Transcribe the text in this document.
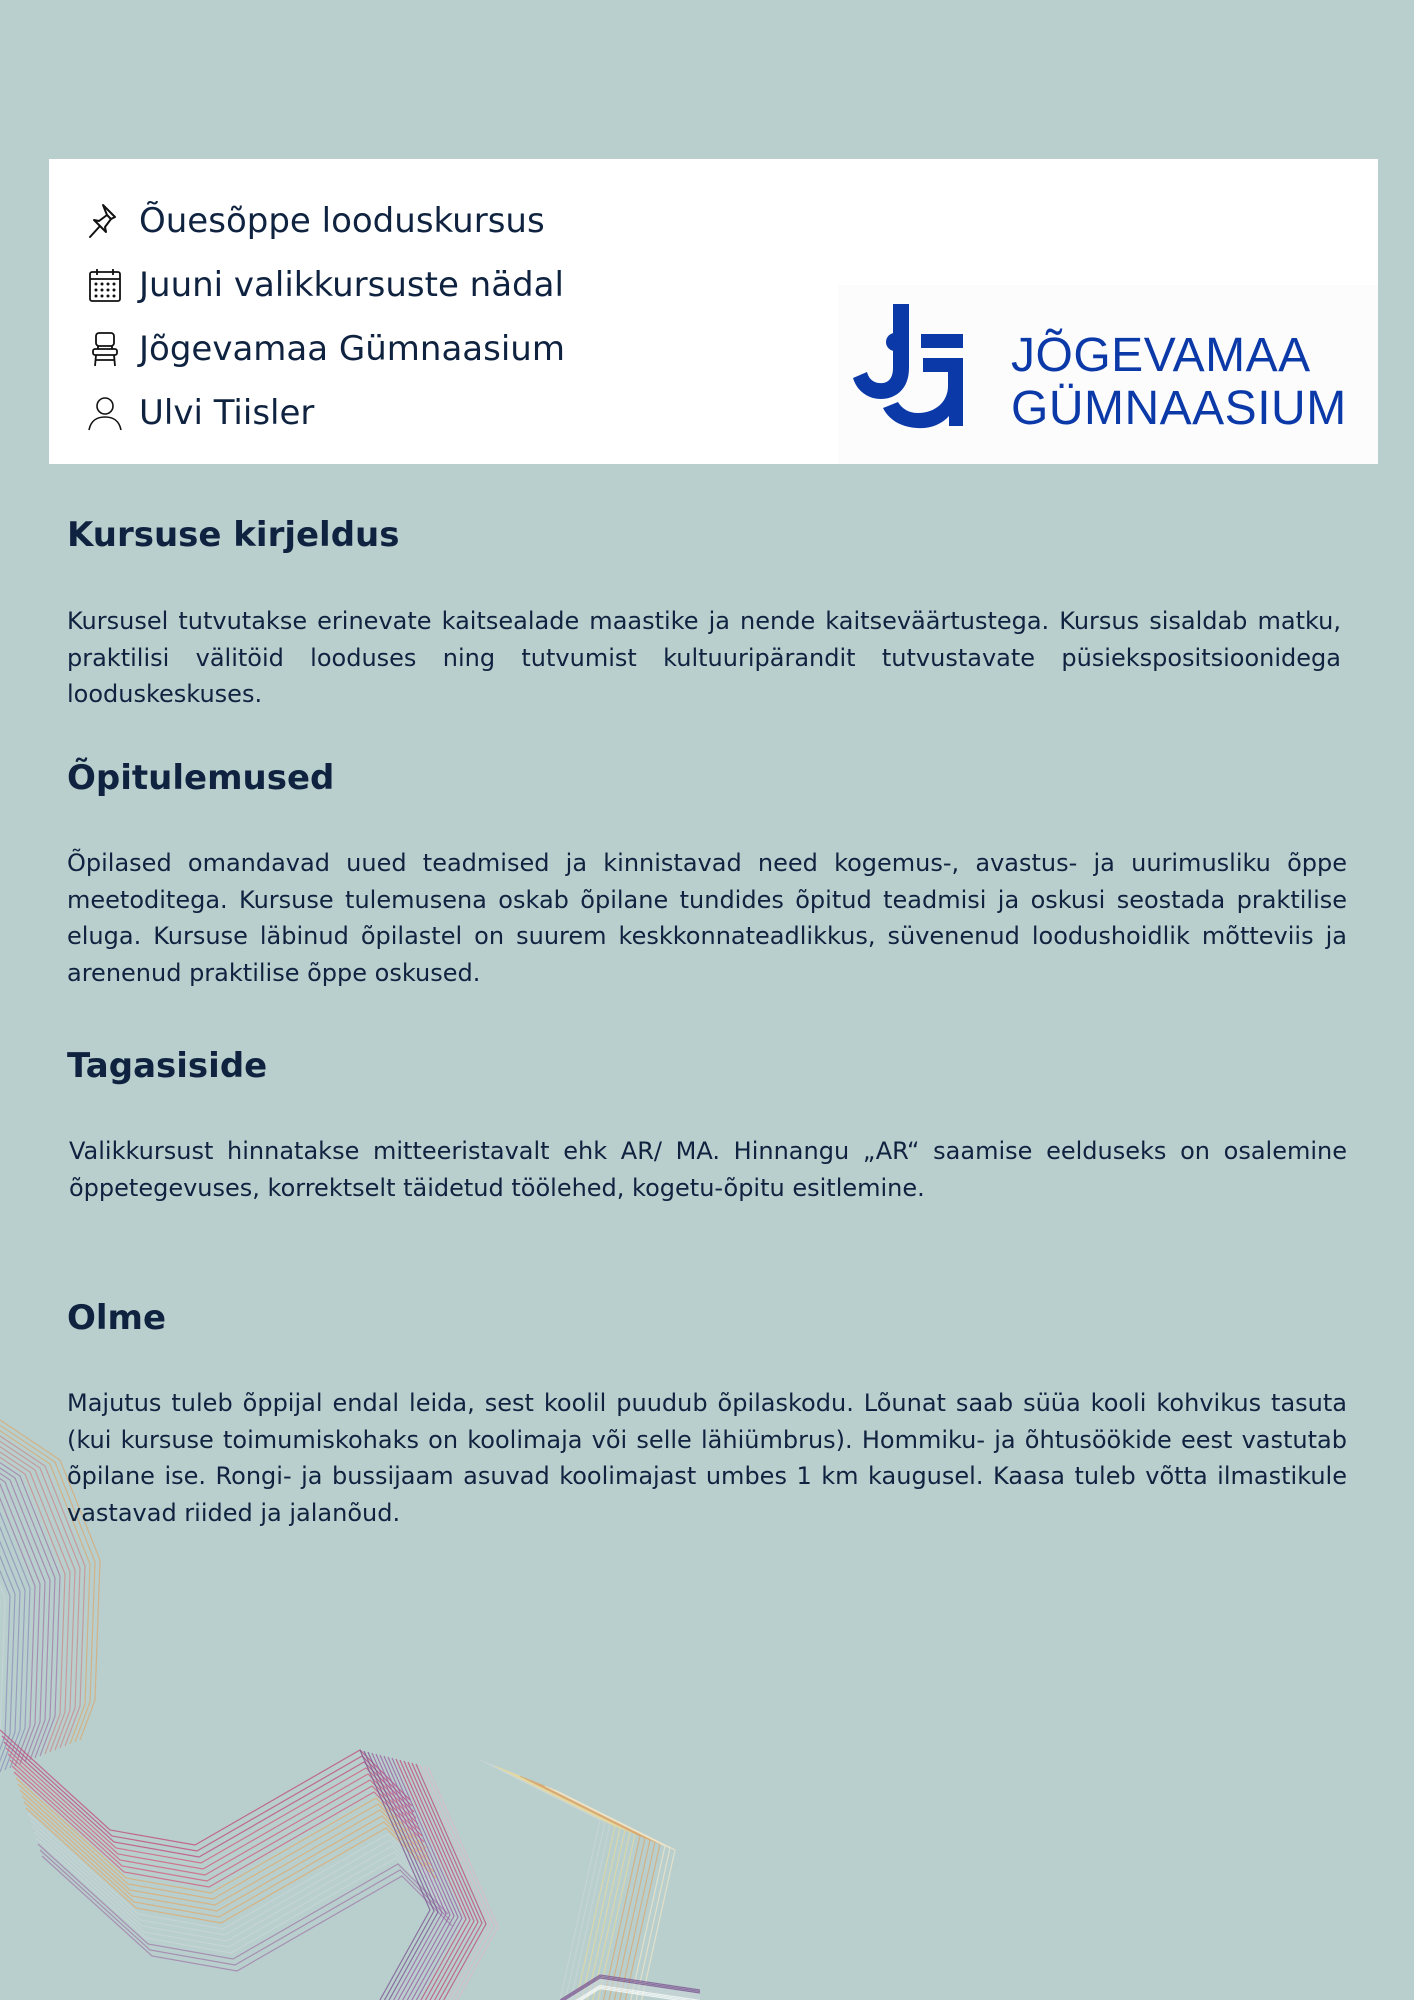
Õuesõppe looduskursus
Juuni valikkursuste nädal
Jõgevamaa Gümnaasium
Ulvi Tiisler
JÕGEVAMAA
GÜMNAASIUM
Kursuse kirjeldus

Kursusel tutvutakse erinevate kaitsealade maastike ja nende kaitseväärtustega. Kursus sisaldab matku, praktilisi välitöid looduses ning tutvumist kultuuripärandit tutvustavate püsiekspositsioonidega looduskeskuses.

Õpitulemused

Õpilased omandavad uued teadmised ja kinnistavad need kogemus-, avastus- ja uurimusliku õppe meetoditega. Kursuse tulemusena oskab õpilane tundides õpitud teadmisi ja oskusi seostada praktilise eluga. Kursuse läbinud õpilastel on suurem keskkonnateadlikkus, süvenenud loodushoidlik mõtteviis ja arenenud praktilise õppe oskused.

Tagasiside

Valikkursust hinnatakse mitteeristavalt ehk AR/ MA. Hinnangu „AR“ saamise eelduseks on osalemine õppetegevuses, korrektselt täidetud töölehed, kogetu-õpitu esitlemine.

Olme

Majutus tuleb õppijal endal leida, sest koolil puudub õpilaskodu. Lõunat saab süüa kooli kohvikus tasuta (kui kursuse toimumiskohaks on koolimaja või selle lähiümbrus). Hommiku- ja õhtusöökide eest vastutab õpilane ise. Rongi- ja bussijaam asuvad koolimajast umbes 1 km kaugusel. Kaasa tuleb võtta ilmastikule vastavad riided ja jalanõud.
